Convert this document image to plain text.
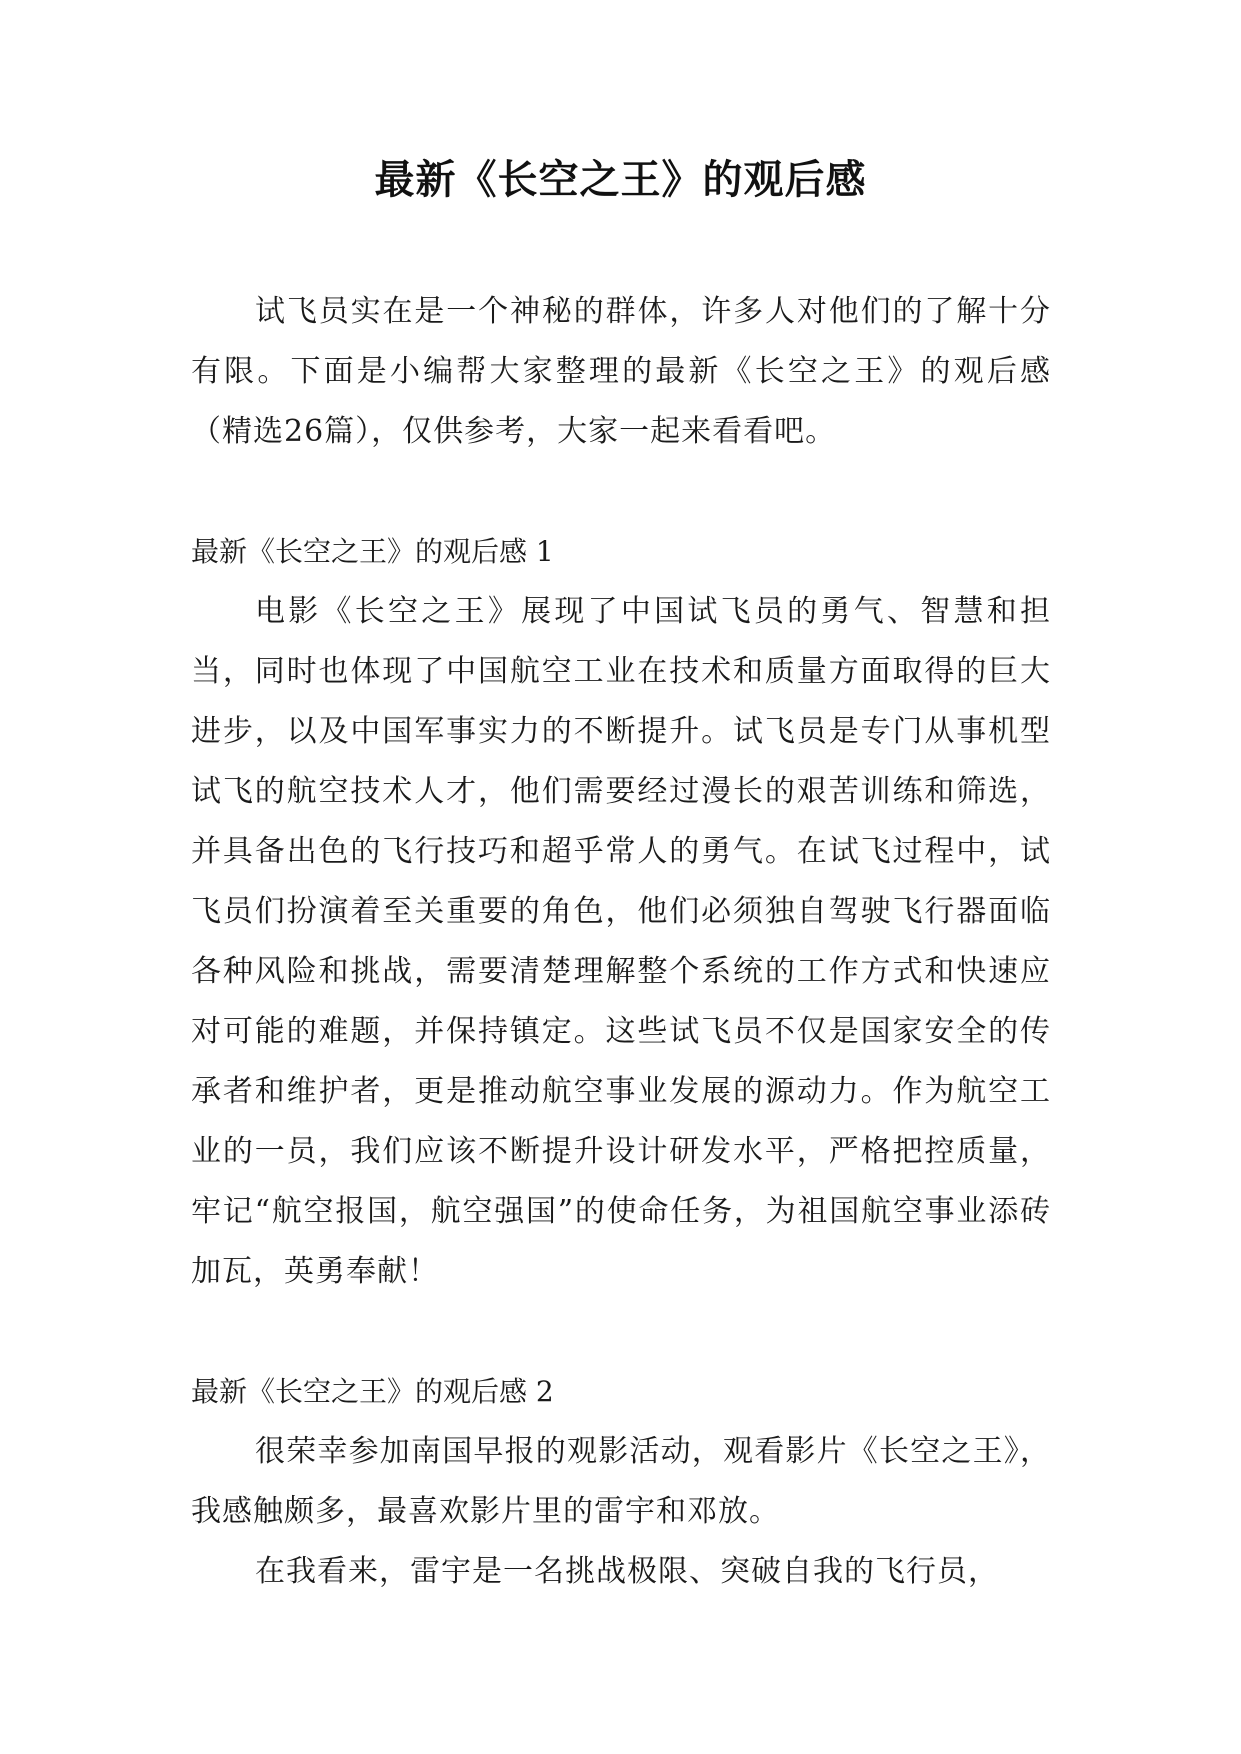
最新《长空之王》的观后感

试飞员实在是一个神秘的群体，许多人对他们的了解十分有限。下面是小编帮大家整理的最新《长空之王》的观后感（精选26篇），仅供参考，大家一起来看看吧。

最新《长空之王》的观后感 1

电影《长空之王》展现了中国试飞员的勇气、智慧和担当，同时也体现了中国航空工业在技术和质量方面取得的巨大进步，以及中国军事实力的不断提升。试飞员是专门从事机型试飞的航空技术人才，他们需要经过漫长的艰苦训练和筛选，并具备出色的飞行技巧和超乎常人的勇气。在试飞过程中，试飞员们扮演着至关重要的角色，他们必须独自驾驶飞行器面临各种风险和挑战，需要清楚理解整个系统的工作方式和快速应对可能的难题，并保持镇定。这些试飞员不仅是国家安全的传承者和维护者，更是推动航空事业发展的源动力。作为航空工业的一员，我们应该不断提升设计研发水平，严格把控质量，牢记“航空报国，航空强国”的使命任务，为祖国航空事业添砖加瓦，英勇奉献！

最新《长空之王》的观后感 2

很荣幸参加南国早报的观影活动，观看影片《长空之王》，我感触颇多，最喜欢影片里的雷宇和邓放。

在我看来，雷宇是一名挑战极限、突破自我的飞行员，
